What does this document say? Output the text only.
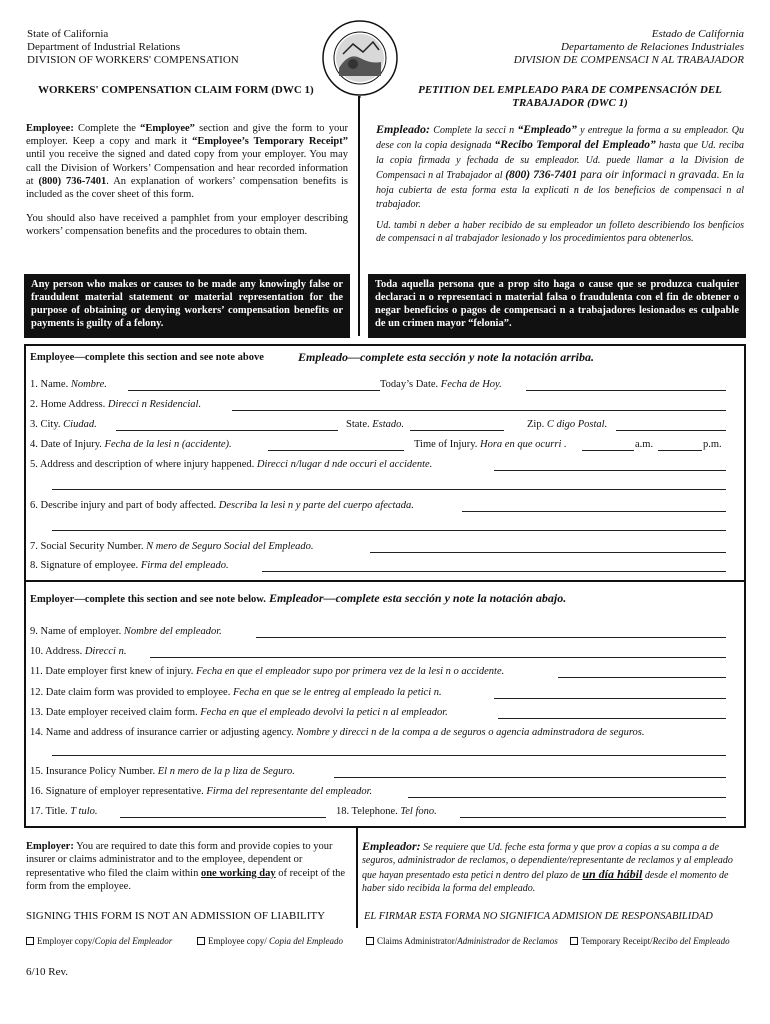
State of California
Department of Industrial Relations
DIVISION OF WORKERS' COMPENSATION
Estado de California
Departamento de Relaciones Industriales
DIVISION DE COMPENSACI N AL TRABAJADOR
WORKERS' COMPENSATION CLAIM FORM (DWC 1)	PETITION DEL EMPLEADO PARA DE COMPENSACIÓN DEL TRABAJADOR (DWC 1)
Employee: Complete the “Employee” section and give the form to your employer. Keep a copy and mark it “Employee’s Temporary Receipt” until you receive the signed and dated copy from your employer. You may call the Division of Workers’ Compensation and hear recorded information at (800) 736-7401. An explanation of workers’ compensation benefits is included as the cover sheet of this form.
You should also have received a pamphlet from your employer describing workers’ compensation benefits and the procedures to obtain them.
Empleado: Complete la secci n “Empleado” y entregue la forma a su empleador. Qu dese con la copia designada “Recibo Temporal del Empleado” hasta que Ud. reciba la copia firmada y fechada de su empleador. Ud. puede llamar a la Division de Compensaci n al Trabajador al (800) 736-7401 para oir informaci n gravada. En la hoja cubierta de esta forma esta la explicati n de los beneficios de compensaci n al trabajador.
Ud. tambi n deber a haber recibido de su empleador un folleto describiendo los benficios de compensaci n al trabajador lesionado y los procedimientos para obtenerlos.
Any person who makes or causes to be made any knowingly false or fraudulent material statement or material representation for the purpose of obtaining or denying workers’ compensation benefits or payments is guilty of a felony.
Toda aquella persona que a prop sito haga o cause que se produzca cualquier declaraci n o representaci n material falsa o fraudulenta con el fin de obtener o negar beneficios o pagos de compensaci n a trabajadores lesionados es culpable de un crimen mayor “felonia”.
Employee—complete this section and see note above	Empleado—complete esta sección y note la notación arriba.
1. Name. Nombre.	Today’s Date. Fecha de Hoy.
2. Home Address. Direcci n Residencial.
3. City. Ciudad.	State. Estado.	Zip. C digo Postal.
4. Date of Injury. Fecha de la lesi n (accidente).	Time of Injury. Hora en que ocurri .	a.m.	p.m.
5. Address and description of where injury happened. Direcci n/lugar d nde occuri el accidente.
6. Describe injury and part of body affected. Describa la lesi n y parte del cuerpo afectada.
7. Social Security Number. N mero de Seguro Social del Empleado.
8. Signature of employee. Firma del empleado.
Employer—complete this section and see note below. Empleador—complete esta sección y note la notación abajo.
9. Name of employer. Nombre del empleador.
10. Address. Direcci n.
11. Date employer first knew of injury. Fecha en que el empleador supo por primera vez de la lesi n o accidente.
12. Date claim form was provided to employee. Fecha en que se le entreg al empleado la petici n.
13. Date employer received claim form. Fecha en que el empleado devolvi la petici n al empleador.
14. Name and address of insurance carrier or adjusting agency. Nombre y direcci n de la compa a de seguros o agencia adminstradora de seguros.
15. Insurance Policy Number. El n mero de la p liza de Seguro.
16. Signature of employer representative. Firma del representante del empleador.
17. Title. T tulo.	18. Telephone. Tel fono.
Employer: You are required to date this form and provide copies to your insurer or claims administrator and to the employee, dependent or representative who filed the claim within one working day of receipt of the form from the employee.
Empleador: Se requiere que Ud. feche esta forma y que prov a copias a su compa a de seguros, administrador de reclamos, o dependiente/representante de reclamos y al empleado que hayan presentado esta petici n dentro del plazo de un día hábil desde el momento de haber sido recibida la forma del empleado.
SIGNING THIS FORM IS NOT AN ADMISSION OF LIABILITY	EL FIRMAR ESTA FORMA NO SIGNIFICA ADMISION DE RESPONSABILIDAD
Employer copy/Copia del Empleador	Employee copy/ Copia del Empleado	Claims Administrator/Administrador de Reclamos	Temporary Receipt/Recibo del Empleado
6/10 Rev.
